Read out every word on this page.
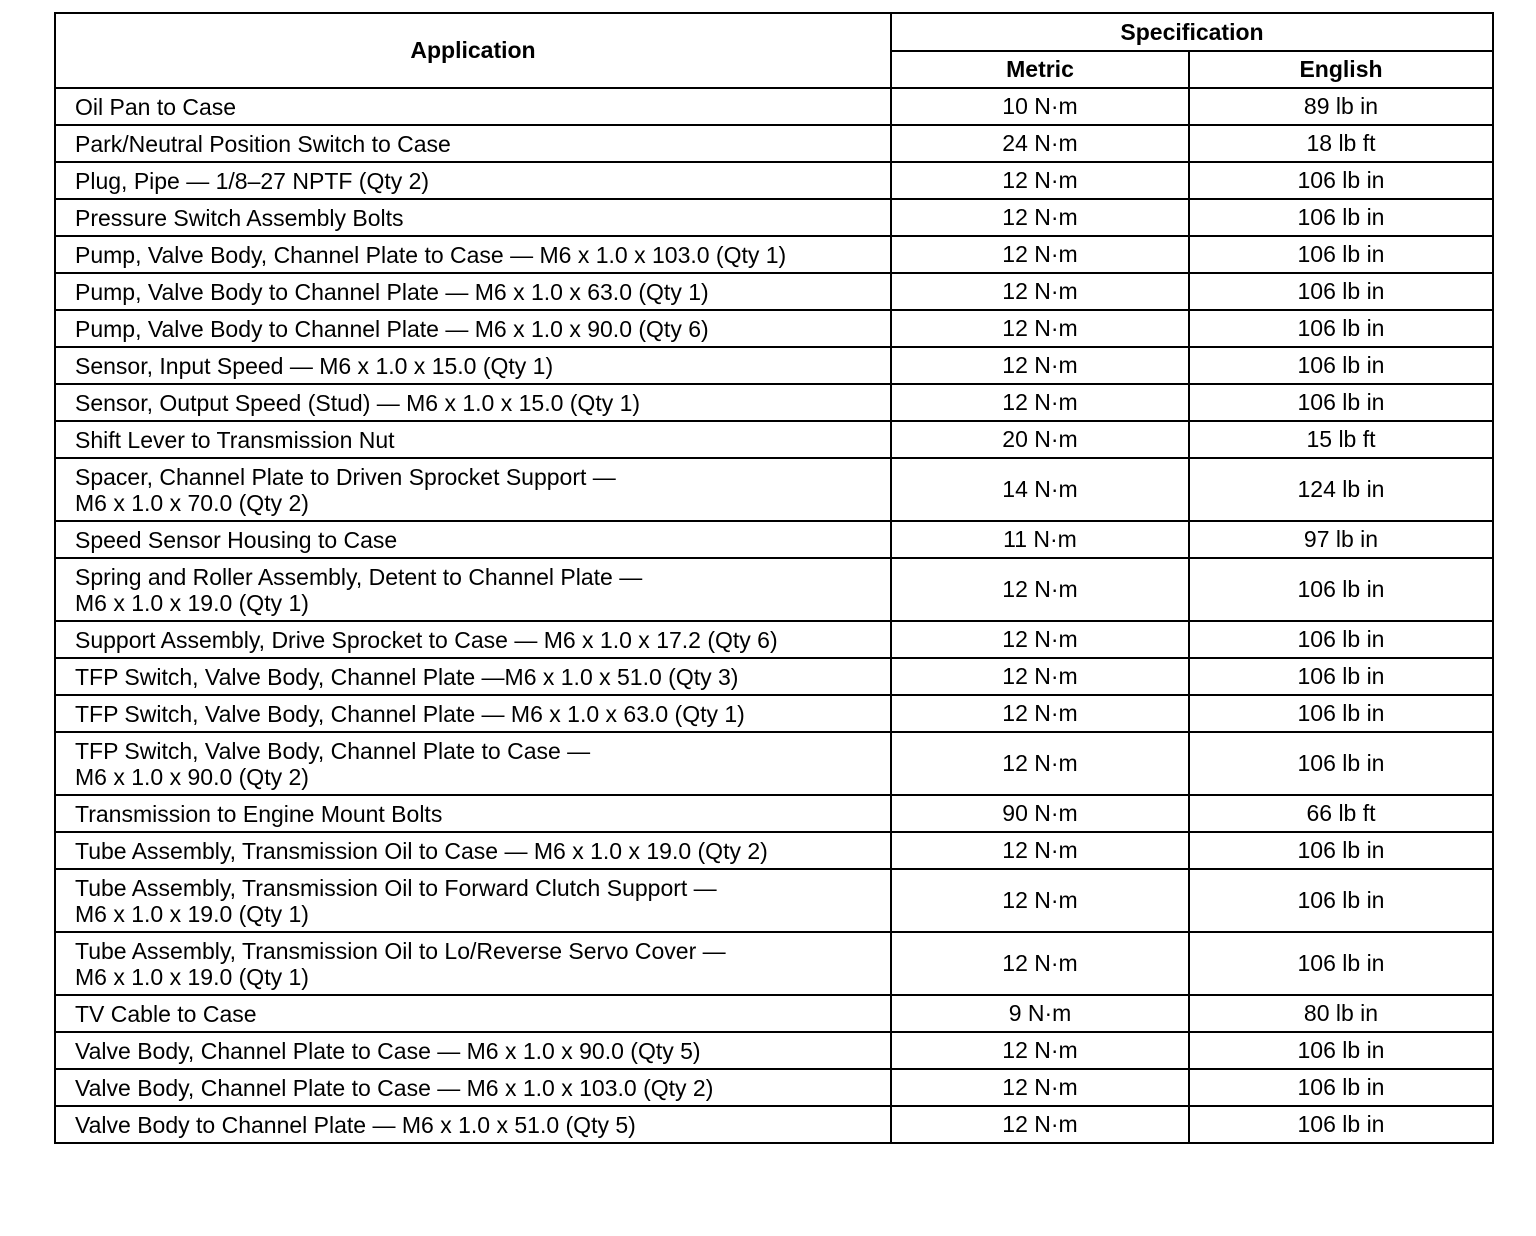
Application	Specification	
	Metric	English

Oil Pan to Case	10 N·m	89 lb in

Park/Neutral Position Switch to Case	24 N·m	18 lb ft

Plug, Pipe — 1/8–27 NPTF (Qty 2)	12 N·m	106 lb in

Pressure Switch Assembly Bolts	12 N·m	106 lb in

Pump, Valve Body, Channel Plate to Case — M6 x 1.0 x 103.0 (Qty 1)	12 N·m	106 lb in

Pump, Valve Body to Channel Plate — M6 x 1.0 x 63.0 (Qty 1)	12 N·m	106 lb in

Pump, Valve Body to Channel Plate — M6 x 1.0 x 90.0 (Qty 6)	12 N·m	106 lb in

Sensor, Input Speed — M6 x 1.0 x 15.0 (Qty 1)	12 N·m	106 lb in

Sensor, Output Speed (Stud) — M6 x 1.0 x 15.0 (Qty 1)	12 N·m	106 lb in

Shift Lever to Transmission Nut	20 N·m	15 lb ft

Spacer, Channel Plate to Driven Sprocket Support —
M6 x 1.0 x 70.0 (Qty 2)	14 N·m	124 lb in

Speed Sensor Housing to Case	11 N·m	97 lb in

Spring and Roller Assembly, Detent to Channel Plate —
M6 x 1.0 x 19.0 (Qty 1)	12 N·m	106 lb in

Support Assembly, Drive Sprocket to Case — M6 x 1.0 x 17.2 (Qty 6)	12 N·m	106 lb in

TFP Switch, Valve Body, Channel Plate —M6 x 1.0 x 51.0 (Qty 3)	12 N·m	106 lb in

TFP Switch, Valve Body, Channel Plate — M6 x 1.0 x 63.0 (Qty 1)	12 N·m	106 lb in

TFP Switch, Valve Body, Channel Plate to Case —
M6 x 1.0 x 90.0 (Qty 2)	12 N·m	106 lb in

Transmission to Engine Mount Bolts	90 N·m	66 lb ft

Tube Assembly, Transmission Oil to Case — M6 x 1.0 x 19.0 (Qty 2)	12 N·m	106 lb in

Tube Assembly, Transmission Oil to Forward Clutch Support —
M6 x 1.0 x 19.0 (Qty 1)	12 N·m	106 lb in

Tube Assembly, Transmission Oil to Lo/Reverse Servo Cover —
M6 x 1.0 x 19.0 (Qty 1)	12 N·m	106 lb in

TV Cable to Case	9 N·m	80 lb in

Valve Body, Channel Plate to Case — M6 x 1.0 x 90.0 (Qty 5)	12 N·m	106 lb in

Valve Body, Channel Plate to Case — M6 x 1.0 x 103.0 (Qty 2)	12 N·m	106 lb in

Valve Body to Channel Plate — M6 x 1.0 x 51.0 (Qty 5)	12 N·m	106 lb in
